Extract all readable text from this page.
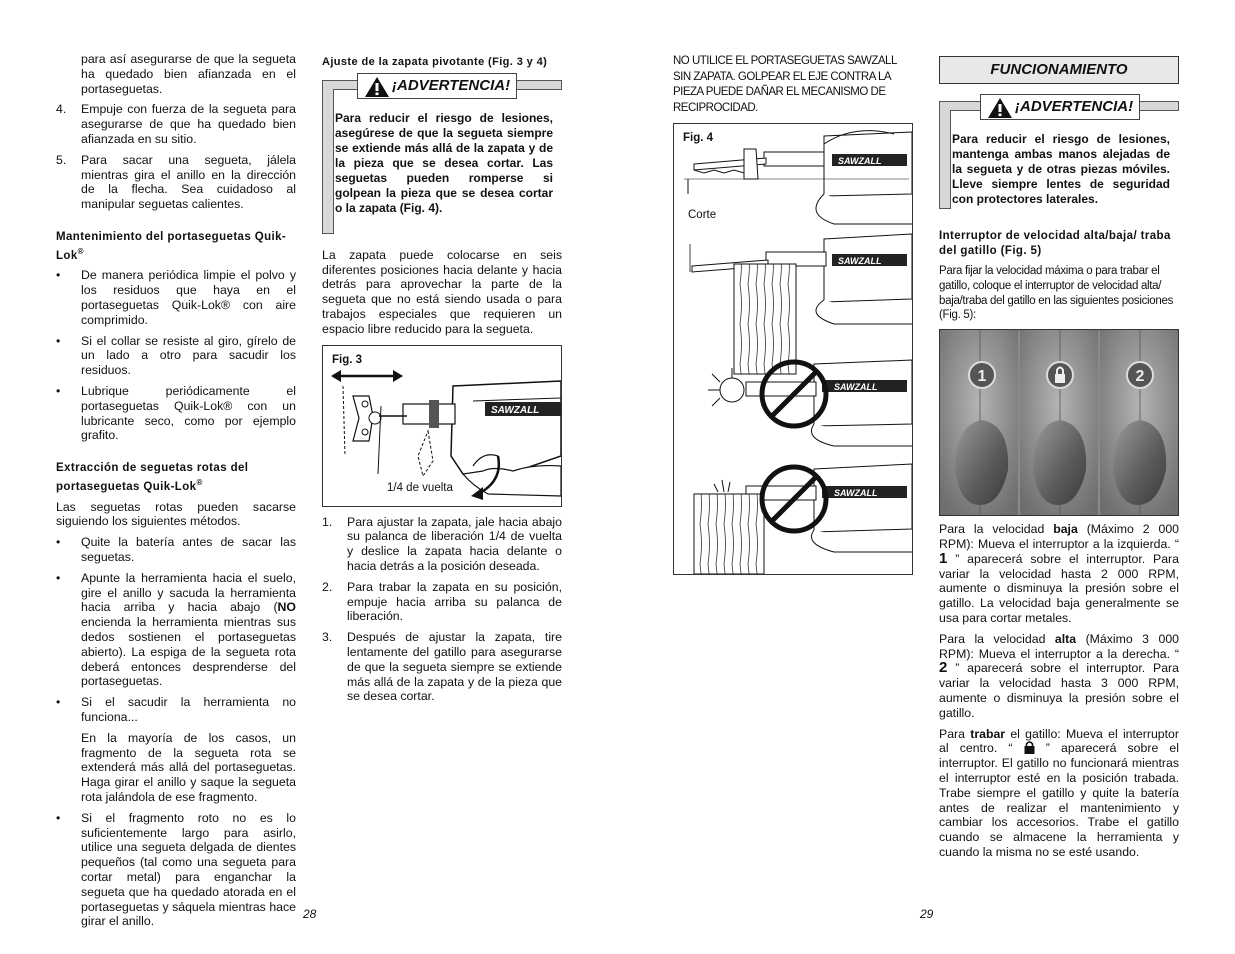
para así asegurarse de que la segueta ha quedado bien afianzada en el portaseguetas.

4.	Empuje con fuerza de la segueta para asegurarse de que ha quedado bien afianzada en su sitio.
5.	Para sacar una segueta, jálela mientras gira el anillo en la dirección de la flecha. Sea cuidadoso al manipular seguetas calientes.
Mantenimiento del portaseguetas Quik-Lok®
•	De manera periódica limpie el polvo y los residuos que haya en el portaseguetas Quik-Lok® con aire comprimido.
•	Si el collar se resiste al giro, gírelo de un lado a otro para sacudir los residuos.
•	Lubrique periódicamente el portaseguetas Quik-Lok® con un lubricante seco, como por ejemplo grafito.
Extracción de seguetas rotas del portaseguetas Quik-Lok®

Las seguetas rotas pueden sacarse siguiendo los siguientes métodos.

•	Quite la batería antes de sacar las seguetas.
•	Apunte la herramienta hacia el suelo, gire el anillo y sacuda la herramienta hacia arriba y hacia abajo (NO encienda la herramienta mientras sus dedos sostienen el portaseguetas abierto). La espiga de la segueta rota deberá entonces desprenderse del portaseguetas.
•	Si el sacudir la herramienta no funciona...

En la mayoría de los casos, un fragmento de la segueta rota se extenderá más allá del portaseguetas. Haga girar el anillo y saque la segueta rota jalándola de ese fragmento.

•	Si el fragmento roto no es lo suficientemente largo para asirlo, utilice una segueta delgada de dientes pequeños (tal como una segueta para cortar metal) para enganchar la segueta que ha quedado atorada en el portaseguetas y sáquela mientras hace girar el anillo.
Ajuste de la zapata pivotante (Fig. 3 y 4)
¡ADVERTENCIA!
Para reducir el riesgo de lesiones, asegúrese de que la segueta siempre se extiende más allá de la zapata y de la pieza que se desea cortar. Las seguetas pueden romperse si golpean la pieza que se desea cortar o la zapata (Fig. 4).

La zapata puede colocarse en seis diferentes posiciones hacia delante y hacia detrás para aprovechar la parte de la segueta que no está siendo usada o para trabajos especiales que requieren un espacio libre reducido para la segueta.

Fig. 3
SAWZALL
1/4 de vuelta
1.	Para ajustar la zapata, jale hacia abajo su palanca de liberación 1/4 de vuelta y deslice la zapata hacia delante o hacia detrás a la posición deseada.
2.	Para trabar la zapata en su posición, empuje hacia arriba su palanca de liberación.
3.	Después de ajustar la zapata, tire lentamente del gatillo para asegurarse de que la segueta siempre se extiende más allá de la zapata y de la pieza que se desea cortar.
28

NO UTILICE EL PORTASEGUETAS SAWZALL SIN ZAPATA. GOLPEAR EL EJE CONTRA LA PIEZA PUEDE DAÑAR EL MECANISMO DE RECIPROCIDAD.

Fig. 4
Corte
SAWZALL
SAWZALL
SAWZALL
SAWZALL
FUNCIONAMIENTO
¡ADVERTENCIA!
Para reducir el riesgo de lesiones, mantenga ambas manos alejadas de la segueta y de otras piezas móviles. Lleve siempre lentes de seguridad con protectores laterales.
Interruptor de velocidad alta/baja/ traba del gatillo (Fig. 5)

Para fijar la velocidad máxima o para trabar el gatillo, coloque el interruptor de velocidad alta/ baja/traba del gatillo en las siguientes posiciones (Fig. 5):

1	2

Para la velocidad baja (Máximo 2 000 RPM): Mueva el interruptor a la izquierda. “ 1 ” aparecerá sobre el interruptor. Para variar la velocidad hasta 2 000 RPM, aumente o disminuya la presión sobre el gatillo. La velocidad baja generalmente se usa para cortar metales.

Para la velocidad alta (Máximo 3 000 RPM): Mueva el interruptor a la derecha. “ 2 ” aparecerá sobre el interruptor. Para variar la velocidad hasta 3 000 RPM, aumente o disminuya la presión sobre el gatillo.

Para trabar el gatillo: Mueva el interruptor al centro. “  ” aparecerá sobre el interruptor. El gatillo no funcionará mientras el interruptor esté en la posición trabada. Trabe siempre el gatillo y quite la batería antes de realizar el mantenimiento y cambiar los accesorios. Trabe el gatillo cuando se almacene la herramienta y cuando la misma no se esté usando.

29
